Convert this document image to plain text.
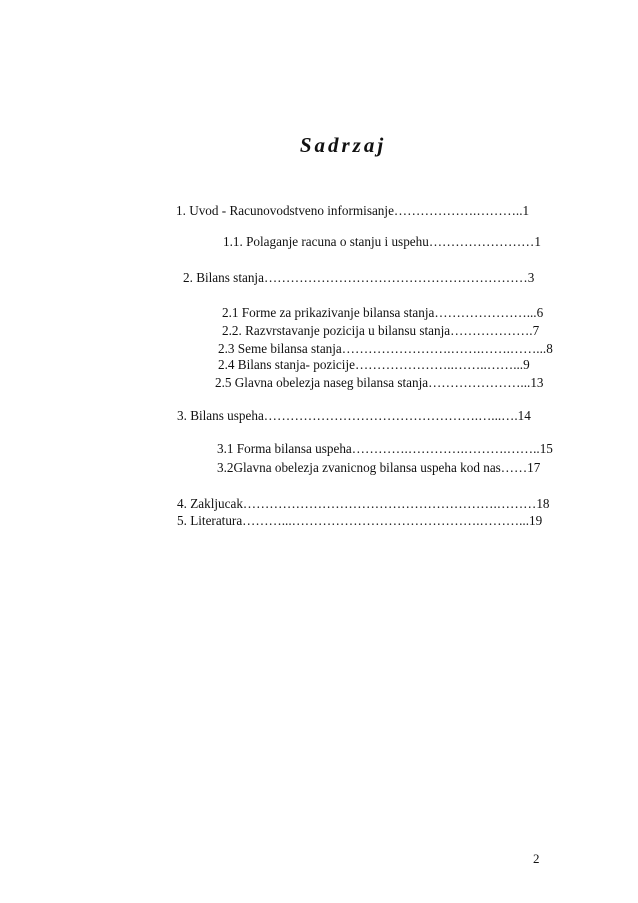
Sadrzaj
1. Uvod - Racunovodstveno informisanje……………….………..1
1.1. Polaganje racuna o stanju i uspehu……………………1
2. Bilans stanja……………………………………………………3
2.1 Forme za prikazivanje bilansa stanja…………………...6
2.2. Razvrstavanje pozicija u bilansu stanja……………….7
2.3 Seme bilansa stanja…………………….…….…….……...8
2.4 Bilans stanja- pozicije…………………..……..……...9
2.5 Glavna obelezja naseg bilansa stanja…………………...13
3. Bilans uspeha………………………………………….…...….14
3.1 Forma bilansa uspeha………….………….……….……..15
3.2Glavna obelezja zvanicnog bilansa uspeha kod nas……17
4. Zakljucak………………………………………………….………18
5. Literatura………...…………………………………….………...19
2
